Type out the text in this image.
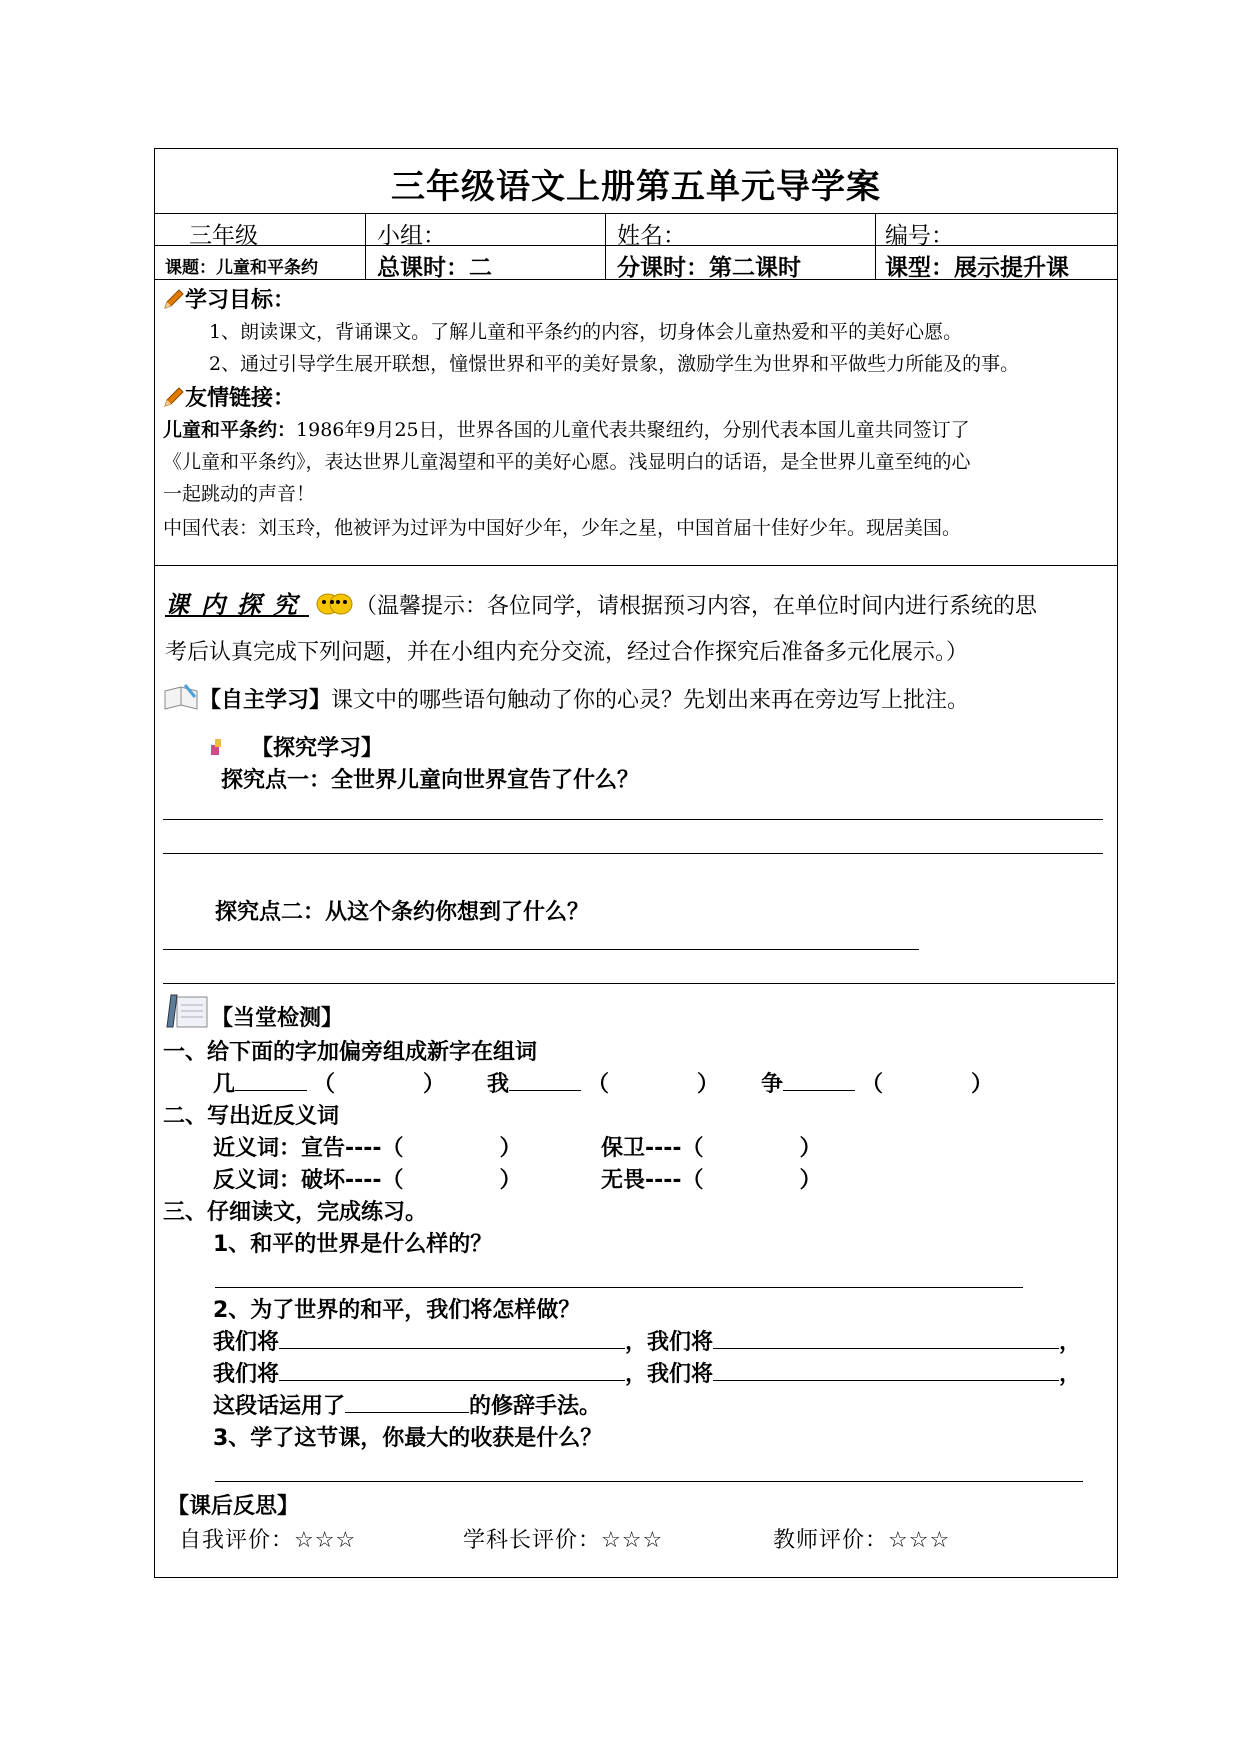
三年级语文上册第五单元导学案
三年级	小组：	姓名：	编号：
课题：儿童和平条约	总课时：二	分课时：第二课时	课型：展示提升课
学习目标：
1、朗读课文，背诵课文。了解儿童和平条约的内容，切身体会儿童热爱和平的美好心愿。
2、通过引导学生展开联想，憧憬世界和平的美好景象，激励学生为世界和平做些力所能及的事。
友情链接：
儿童和平条约：1986年9月25日，世界各国的儿童代表共聚纽约，分别代表本国儿童共同签订了
《儿童和平条约》，表达世界儿童渴望和平的美好心愿。浅显明白的话语，是全世界儿童至纯的心
一起跳动的声音！
中国代表：刘玉玲，他被评为过评为中国好少年，少年之星，中国首届十佳好少年。现居美国。
课内探究	（温馨提示：各位同学，请根据预习内容，在单位时间内进行系统的思
考后认真完成下列问题，并在小组内充分交流，经过合作探究后准备多元化展示。）
【自主学习】课文中的哪些语句触动了你的心灵？先划出来再在旁边写上批注。
【探究学习】
探究点一：全世界儿童向世界宣告了什么？
探究点二：从这个条约你想到了什么？
【当堂检测】
一、给下面的字加偏旁组成新字在组词
几	（	） 我	（	） 争	（	）
二、写出近反义词
近义词：宣告----（	）	保卫----（	）
反义词：破坏----（	）	无畏----（	）
三、仔细读文，完成练习。
1、和平的世界是什么样的？
2、为了世界的和平，我们将怎样做？
我们将	，我们将	，
我们将	，我们将	，
这段话运用了	的修辞手法。
3、学了这节课，你最大的收获是什么？
【课后反思】
自我评价：☆☆☆	学科长评价：☆☆☆	教师评价：☆☆☆
